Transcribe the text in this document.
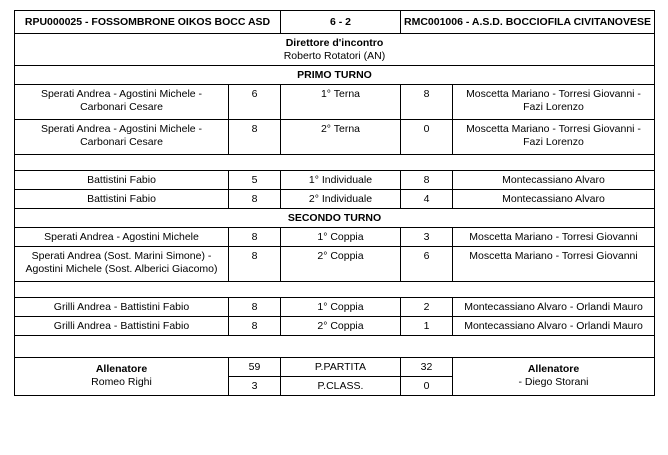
RPU000025 - FOSSOMBRONE OIKOS BOCC ASD		6 - 2	RMC001006 - A.S.D. BOCCIOFILA CIVITANOVESE	

Direttore d'incontro
Roberto Rotatori (AN)				

PRIMO TURNO				
Sperati Andrea - Agostini Michele - Carbonari Cesare	6	1° Terna	8	Moscetta Mariano - Torresi Giovanni - Fazi Lorenzo
Sperati Andrea - Agostini Michele - Carbonari Cesare	8	2° Terna	0	Moscetta Mariano - Torresi Giovanni - Fazi Lorenzo

Battistini Fabio	5	1° Individuale	8	Montecassiano Alvaro
Battistini Fabio	8	2° Individuale	4	Montecassiano Alvaro
SECONDO TURNO				
Sperati Andrea - Agostini Michele	8	1° Coppia	3	Moscetta Mariano - Torresi Giovanni
Sperati Andrea (Sost. Marini Simone) - Agostini Michele (Sost. Alberici Giacomo)	8	2° Coppia	6	Moscetta Mariano - Torresi Giovanni

Grilli Andrea - Battistini Fabio	8	1° Coppia	2	Montecassiano Alvaro - Orlandi Mauro
Grilli Andrea - Battistini Fabio	8	2° Coppia	1	Montecassiano Alvaro - Orlandi Mauro

Allenatore
Romeo Righi	59	P.PARTITA	32	Allenatore
- Diego Storani

	3	P.CLASS.	0	
